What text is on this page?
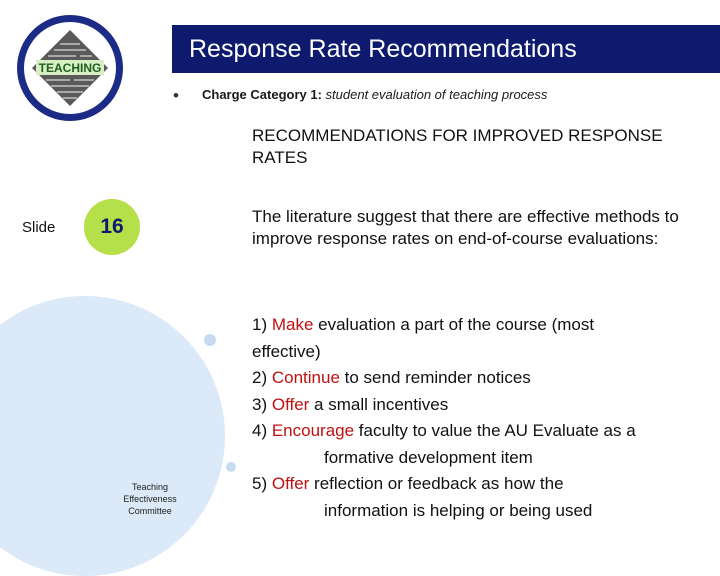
TEACHING
Response Rate Recommendations
• Charge Category 1: student evaluation of teaching process
RECOMMENDATIONS FOR IMPROVED RESPONSE RATES
Slide	16	The literature suggest that there are effective methods to improve response rates on end-of-course evaluations:
1) Make evaluation a part of the course (most
effective)
2) Continue to send reminder notices
3) Offer a small incentives
4) Encourage faculty to value the AU Evaluate as a
formative development item
5) Offer reflection or feedback as how the
information is helping or being used
Teaching Effectiveness Committee
